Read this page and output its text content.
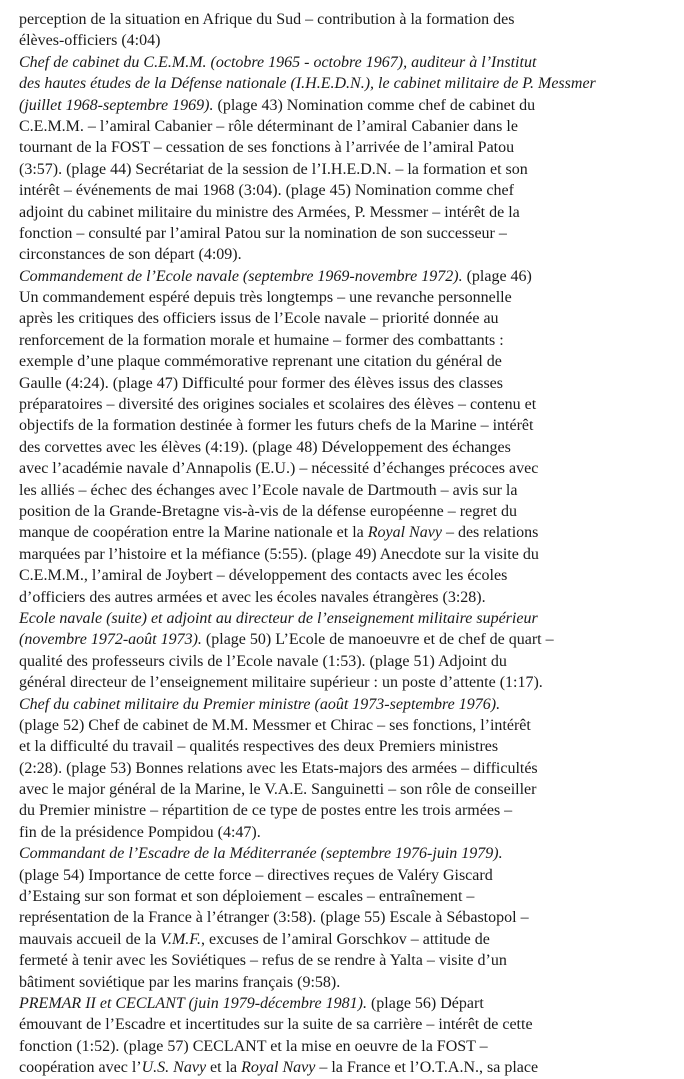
perception de la situation en Afrique du Sud – contribution à la formation des
élèves-officiers (4:04)
Chef de cabinet du C.E.M.M. (octobre 1965 - octobre 1967), auditeur à l’Institut
des hautes études de la Défense nationale (I.H.E.D.N.), le cabinet militaire de P. Messmer
(juillet 1968-septembre 1969). (plage 43) Nomination comme chef de cabinet du
C.E.M.M. – l’amiral Cabanier – rôle déterminant de l’amiral Cabanier dans le
tournant de la FOST – cessation de ses fonctions à l’arrivée de l’amiral Patou
(3:57). (plage 44) Secrétariat de la session de l’I.H.E.D.N. – la formation et son
intérêt – événements de mai 1968 (3:04). (plage 45) Nomination comme chef
adjoint du cabinet militaire du ministre des Armées, P. Messmer – intérêt de la
fonction – consulté par l’amiral Patou sur la nomination de son successeur –
circonstances de son départ (4:09).
Commandement de l’Ecole navale (septembre 1969-novembre 1972). (plage 46)
Un commandement espéré depuis très longtemps – une revanche personnelle
après les critiques des officiers issus de l’Ecole navale – priorité donnée au
renforcement de la formation morale et humaine – former des combattants :
exemple d’une plaque commémorative reprenant une citation du général de
Gaulle (4:24). (plage 47) Difficulté pour former des élèves issus des classes
préparatoires – diversité des origines sociales et scolaires des élèves – contenu et
objectifs de la formation destinée à former les futurs chefs de la Marine – intérêt
des corvettes avec les élèves (4:19). (plage 48) Développement des échanges
avec l’académie navale d’Annapolis (E.U.) – nécessité d’échanges précoces avec
les alliés – échec des échanges avec l’Ecole navale de Dartmouth – avis sur la
position de la Grande-Bretagne vis-à-vis de la défense européenne – regret du
manque de coopération entre la Marine nationale et la Royal Navy – des relations
marquées par l’histoire et la méfiance (5:55). (plage 49) Anecdote sur la visite du
C.E.M.M., l’amiral de Joybert – développement des contacts avec les écoles
d’officiers des autres armées et avec les écoles navales étrangères (3:28).
Ecole navale (suite) et adjoint au directeur de l’enseignement militaire supérieur
(novembre 1972-août 1973). (plage 50) L’Ecole de manoeuvre et de chef de quart –
qualité des professeurs civils de l’Ecole navale (1:53). (plage 51) Adjoint du
général directeur de l’enseignement militaire supérieur : un poste d’attente (1:17).
Chef du cabinet militaire du Premier ministre (août 1973-septembre 1976).
(plage 52) Chef de cabinet de M.M. Messmer et Chirac – ses fonctions, l’intérêt
et la difficulté du travail – qualités respectives des deux Premiers ministres
(2:28). (plage 53) Bonnes relations avec les Etats-majors des armées – difficultés
avec le major général de la Marine, le V.A.E. Sanguinetti – son rôle de conseiller
du Premier ministre – répartition de ce type de postes entre les trois armées –
fin de la présidence Pompidou (4:47).
Commandant de l’Escadre de la Méditerranée (septembre 1976-juin 1979).
(plage 54) Importance de cette force – directives reçues de Valéry Giscard
d’Estaing sur son format et son déploiement – escales – entraînement –
représentation de la France à l’étranger (3:58). (plage 55) Escale à Sébastopol –
mauvais accueil de la V.M.F., excuses de l’amiral Gorschkov – attitude de
fermeté à tenir avec les Soviétiques – refus de se rendre à Yalta – visite d’un
bâtiment soviétique par les marins français (9:58).
PREMAR II et CECLANT (juin 1979-décembre 1981). (plage 56) Départ
émouvant de l’Escadre et incertitudes sur la suite de sa carrière – intérêt de cette
fonction (1:52). (plage 57) CECLANT et la mise en oeuvre de la FOST –
coopération avec l’U.S. Navy et la Royal Navy – la France et l’O.T.A.N., sa place
